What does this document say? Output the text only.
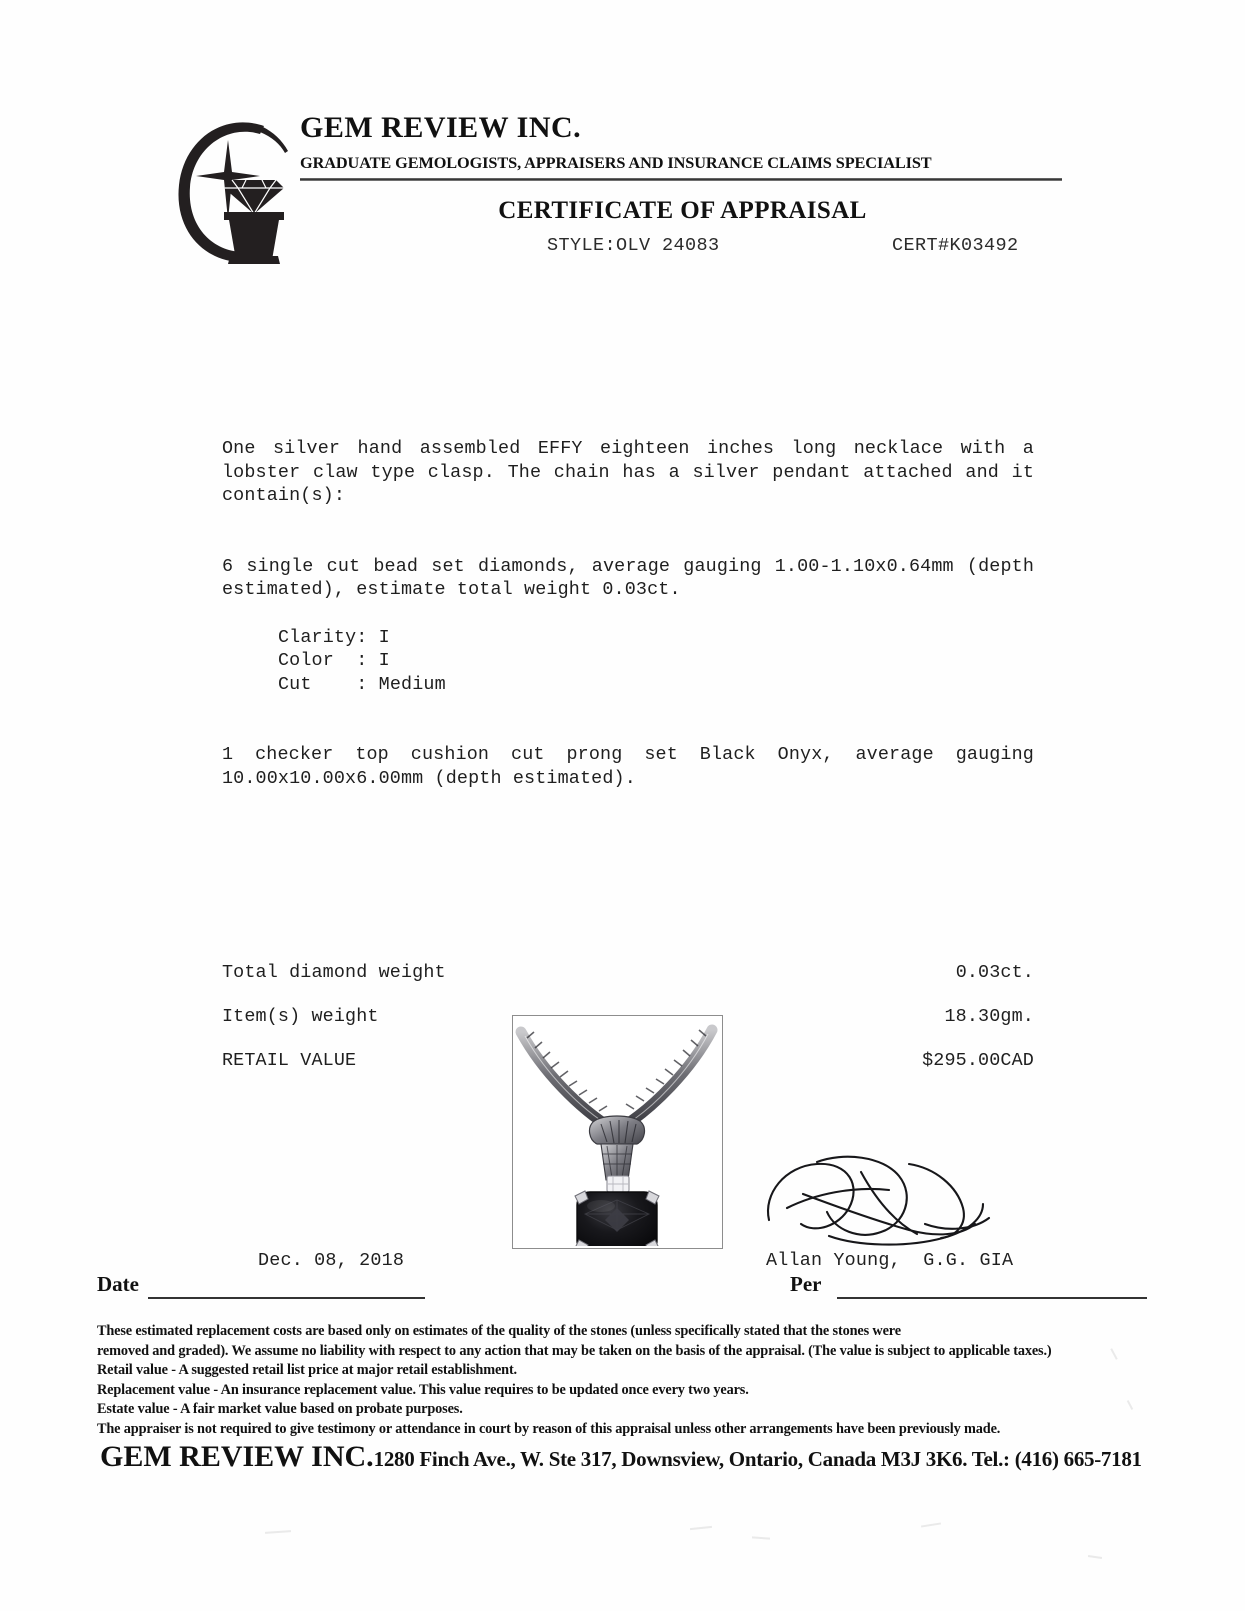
GEM REVIEW INC.
GRADUATE GEMOLOGISTS, APPRAISERS AND INSURANCE CLAIMS SPECIALIST
CERTIFICATE OF APPRAISAL
STYLE:OLV 24083	CERT#K03492

One silver hand assembled EFFY eighteen inches long necklace with a lobster claw type clasp. The chain has a silver pendant attached and it contain(s):

6 single cut bead set diamonds, average gauging 1.00-1.10x0.64mm (depth estimated), estimate total weight 0.03ct.

Clarity: I
Color  : I
Cut    : Medium

1 checker top cushion cut prong set Black Onyx, average gauging 10.00x10.00x6.00mm (depth estimated).

Total diamond weight	0.03ct.
Item(s) weight	18.30gm.
RETAIL VALUE	$295.00CAD
Dec. 08, 2018	Allan Young,  G.G. GIA
Date	Per
These estimated replacement costs are based only on estimates of the quality of the stones (unless specifically stated that the stones were
removed and graded). We assume no liability with respect to any action that may be taken on the basis of the appraisal. (The value is subject to applicable taxes.)
Retail value - A suggested retail list price at major retail establishment.
Replacement value - An insurance replacement value. This value requires to be updated once every two years.
Estate value - A fair market value based on probate purposes.
The appraiser is not required to give testimony or attendance in court by reason of this appraisal unless other arrangements have been previously made.
GEM REVIEW INC.1280 Finch Ave., W. Ste 317, Downsview, Ontario, Canada M3J 3K6. Tel.: (416) 665-7181
